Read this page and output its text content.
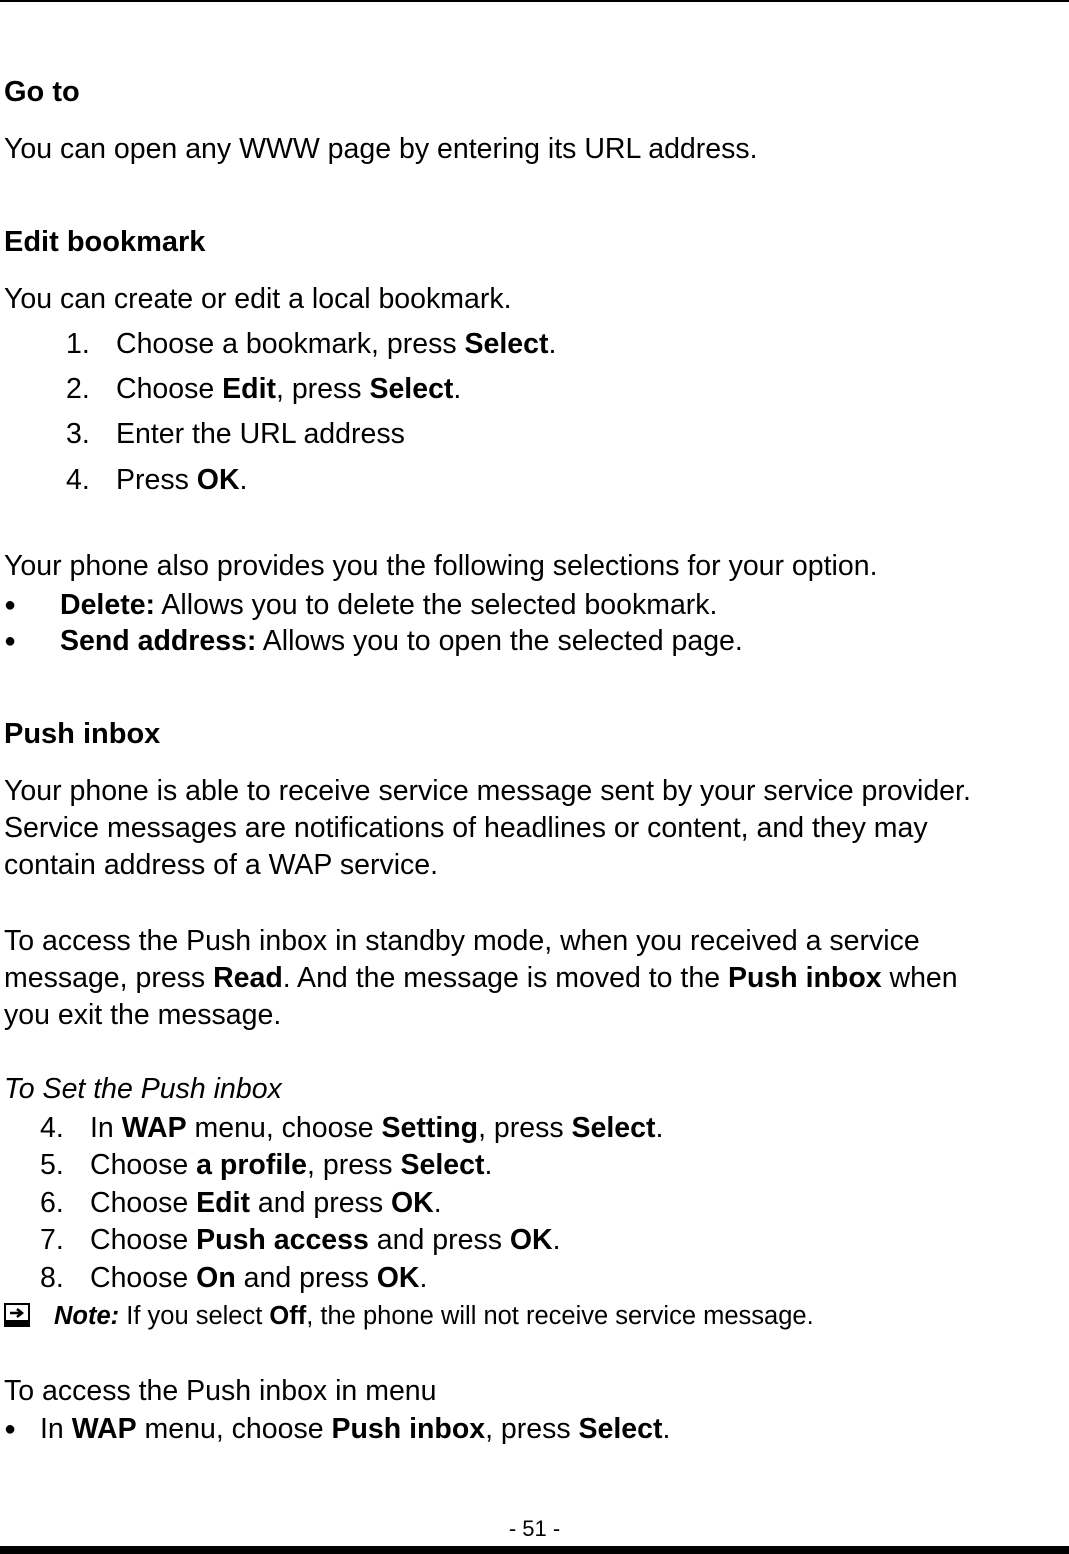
Go to
You can open any WWW page by entering its URL address.
Edit bookmark
You can create or edit a local bookmark.
1. Choose a bookmark, press Select.
2. Choose Edit, press Select.
3. Enter the URL address
4. Press OK.
Your phone also provides you the following selections for your option.
● Delete: Allows you to delete the selected bookmark.
● Send address: Allows you to open the selected page.
Push inbox
Your phone is able to receive service message sent by your service provider.
Service messages are notifications of headlines or content, and they may
contain address of a WAP service.
To access the Push inbox in standby mode, when you received a service
message, press Read. And the message is moved to the Push inbox when
you exit the message.
To Set the Push inbox
4. In WAP menu, choose Setting, press Select.
5. Choose a profile, press Select.
6. Choose Edit and press OK.
7. Choose Push access and press OK.
8. Choose On and press OK.
Note: If you select Off, the phone will not receive service message.
To access the Push inbox in menu
● In WAP menu, choose Push inbox, press Select.
- 51 -
